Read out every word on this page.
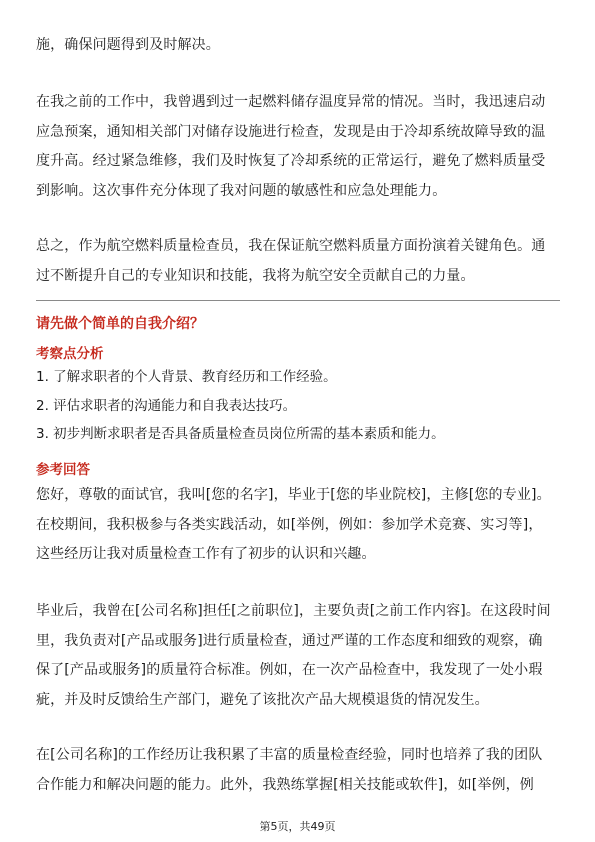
施，确保问题得到及时解决。

在我之前的工作中，我曾遇到过一起燃料储存温度异常的情况。当时，我迅速启动
应急预案，通知相关部门对储存设施进行检查，发现是由于冷却系统故障导致的温
度升高。经过紧急维修，我们及时恢复了冷却系统的正常运行，避免了燃料质量受
到影响。这次事件充分体现了我对问题的敏感性和应急处理能力。

总之，作为航空燃料质量检查员，我在保证航空燃料质量方面扮演着关键角色。通
过不断提升自己的专业知识和技能，我将为航空安全贡献自己的力量。

请先做个简单的自我介绍？
考察点分析
1. 了解求职者的个人背景、教育经历和工作经验。
2. 评估求职者的沟通能力和自我表达技巧。
3. 初步判断求职者是否具备质量检查员岗位所需的基本素质和能力。
参考回答

您好，尊敬的面试官，我叫[您的名字]，毕业于[您的毕业院校]，主修[您的专业]。
在校期间，我积极参与各类实践活动，如[举例，例如：参加学术竞赛、实习等]，
这些经历让我对质量检查工作有了初步的认识和兴趣。

毕业后，我曾在[公司名称]担任[之前职位]，主要负责[之前工作内容]。在这段时间
里，我负责对[产品或服务]进行质量检查，通过严谨的工作态度和细致的观察，确
保了[产品或服务]的质量符合标准。例如，在一次产品检查中，我发现了一处小瑕
疵，并及时反馈给生产部门，避免了该批次产品大规模退货的情况发生。

在[公司名称]的工作经历让我积累了丰富的质量检查经验，同时也培养了我的团队
合作能力和解决问题的能力。此外，我熟练掌握[相关技能或软件]，如[举例，例

第5页，共49页
